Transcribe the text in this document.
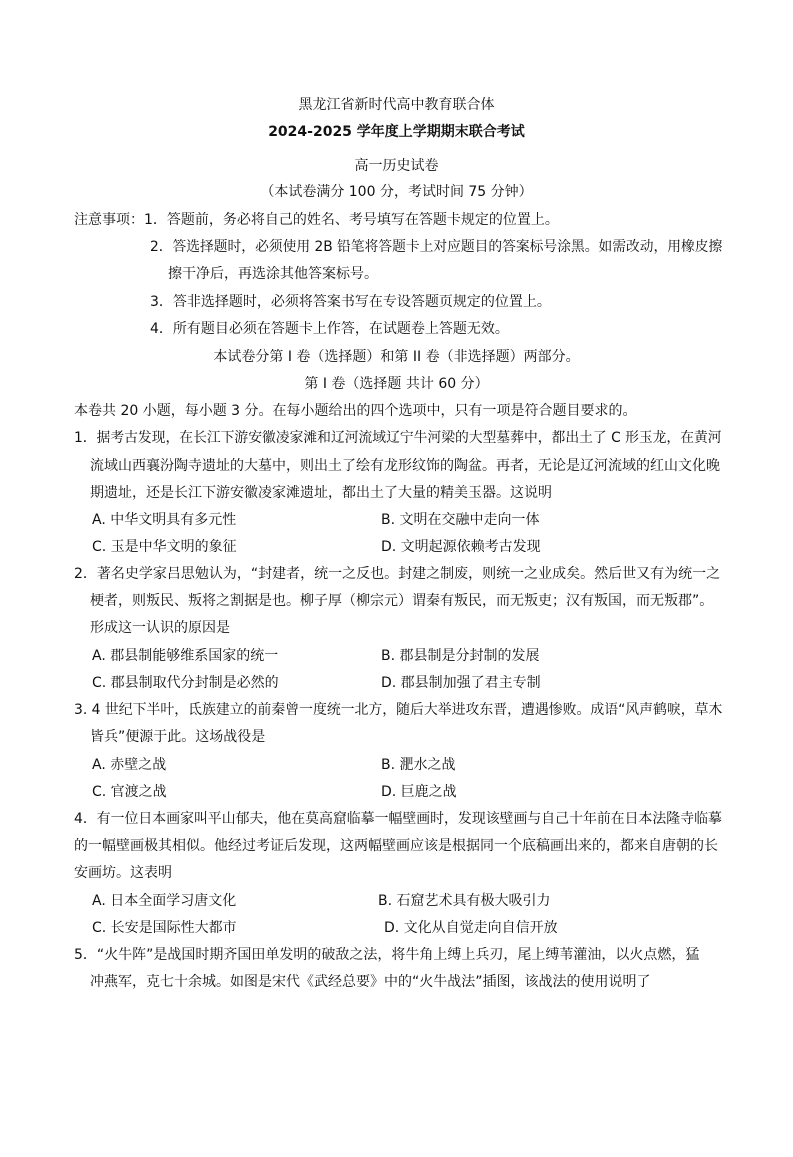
黑龙江省新时代高中教育联合体
2024-2025 学年度上学期期末联合考试
高一历史试卷
（本试卷满分 100 分，考试时间 75 分钟）
注意事项：1．答题前，务必将自己的姓名、考号填写在答题卡规定的位置上。
2．答选择题时，必须使用 2B 铅笔将答题卡上对应题目的答案标号涂黑。如需改动，用橡皮擦
擦干净后，再选涂其他答案标号。
3．答非选择题时，必须将答案书写在专设答题页规定的位置上。
4．所有题目必须在答题卡上作答，在试题卷上答题无效。
本试卷分第 I 卷（选择题）和第 II 卷（非选择题）两部分。
第 I 卷（选择题 共计 60 分）
本卷共 20 小题，每小题 3 分。在每小题给出的四个选项中，只有一项是符合题目要求的。
1．据考古发现，在长江下游安徽凌家滩和辽河流域辽宁牛河梁的大型墓葬中，都出土了 C 形玉龙，在黄河
流域山西襄汾陶寺遗址的大墓中，则出土了绘有龙形纹饰的陶盆。再者，无论是辽河流域的红山文化晚
期遗址，还是长江下游安徽凌家滩遗址，都出土了大量的精美玉器。这说明
A. 中华文明具有多元性	B. 文明在交融中走向一体
C. 玉是中华文明的象征	D. 文明起源依赖考古发现
2．著名史学家吕思勉认为，“封建者，统一之反也。封建之制废，则统一之业成矣。然后世又有为统一之
梗者，则叛民、叛将之割据是也。柳子厚（柳宗元）谓秦有叛民，而无叛吏；汉有叛国，而无叛郡”。
形成这一认识的原因是
A. 郡县制能够维系国家的统一	B. 郡县制是分封制的发展
C. 郡县制取代分封制是必然的	D. 郡县制加强了君主专制
3. 4 世纪下半叶，氐族建立的前秦曾一度统一北方，随后大举进攻东晋，遭遇惨败。成语“风声鹤唳，草木
皆兵”便源于此。这场战役是
A. 赤壁之战	B. 淝水之战
C. 官渡之战	D. 巨鹿之战
4．有一位日本画家叫平山郁夫，他在莫高窟临摹一幅壁画时，发现该壁画与自己十年前在日本法隆寺临摹
的一幅壁画极其相似。他经过考证后发现，这两幅壁画应该是根据同一个底稿画出来的，都来自唐朝的长
安画坊。这表明
A. 日本全面学习唐文化	B. 石窟艺术具有极大吸引力
C. 长安是国际性大都市	D. 文化从自觉走向自信开放
5．“火牛阵”是战国时期齐国田单发明的破敌之法，将牛角上缚上兵刃，尾上缚苇灌油，以火点燃，猛
冲燕军，克七十余城。如图是宋代《武经总要》中的“火牛战法”插图，该战法的使用说明了
